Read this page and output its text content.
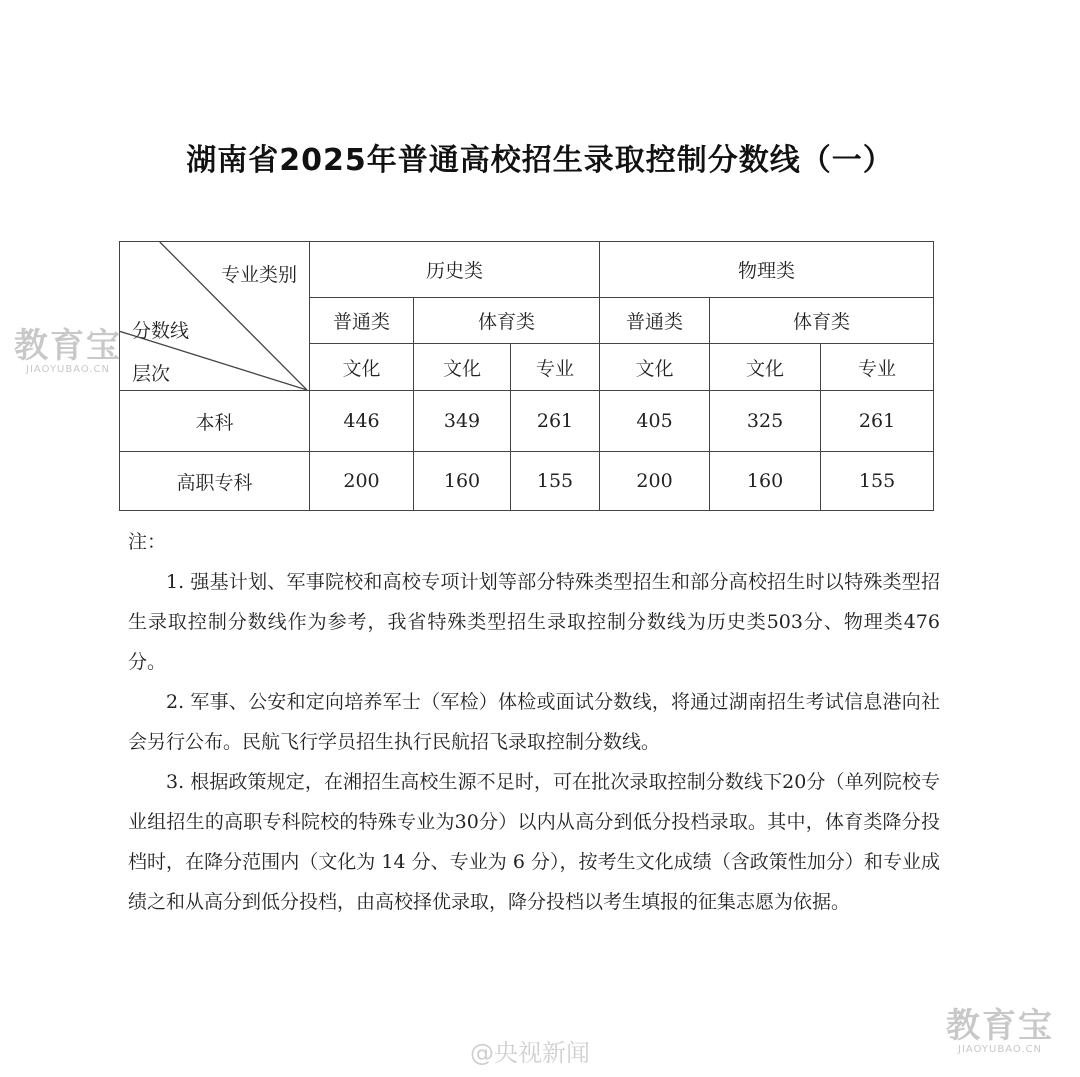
湖南省2025年普通高校招生录取控制分数线（一）
专业类别
分数线
层次	历史类			物理类		
	普通类	体育类		普通类	体育类	
	文化	文化	专业	文化	文化	专业
本科	446	349	261	405	325	261
高职专科	200	160	155	200	160	155

注：

1. 强基计划、军事院校和高校专项计划等部分特殊类型招生和部分高校招生时以特殊类型招生录取控制分数线作为参考，我省特殊类型招生录取控制分数线为历史类503分、物理类476分。

2. 军事、公安和定向培养军士（军检）体检或面试分数线，将通过湖南招生考试信息港向社会另行公布。民航飞行学员招生执行民航招飞录取控制分数线。

3. 根据政策规定，在湘招生高校生源不足时，可在批次录取控制分数线下20分（单列院校专业组招生的高职专科院校的特殊专业为30分）以内从高分到低分投档录取。其中，体育类降分投档时，在降分范围内（文化为 14 分、专业为 6 分），按考生文化成绩（含政策性加分）和专业成绩之和从高分到低分投档，由高校择优录取，降分投档以考生填报的征集志愿为依据。

教育宝
JIAOYUBAO.CN
教育宝
JIAOYUBAO.CN
@央视新闻
